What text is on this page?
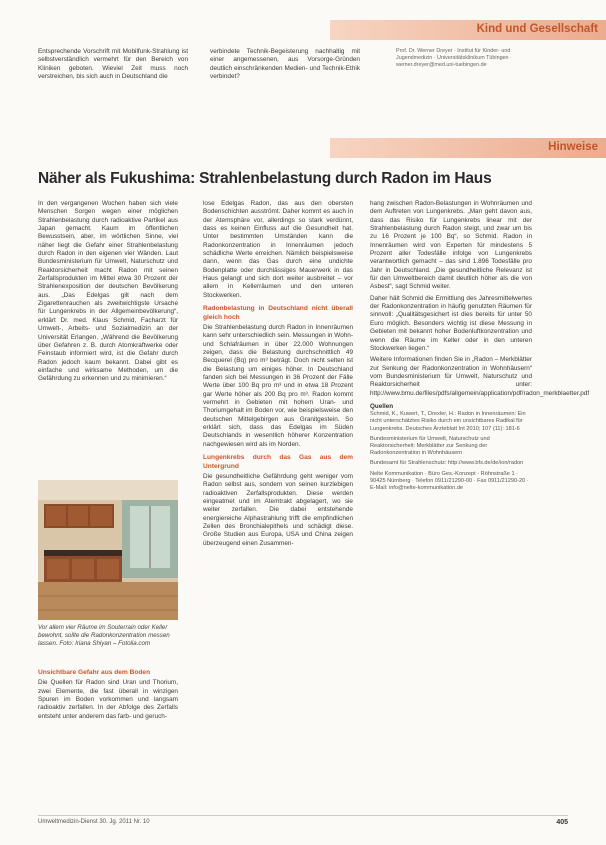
Kind und Gesellschaft
Entsprechende Vorschrift mit Mobilfunk-Strahlung ist selbstverständlich vermehrt für den Bereich von Kliniken geboten. Wieviel Zeit muss noch verstreichen, bis sich auch in Deutschland die
verbindete Technik-Begeisterung nachhaltig mit einer angemessenen, aus Vorsorge-Gründen deutlich einschränkenden Medien- und Technik-Ethik verbindet?
Prof. Dr. Werner Dreyer · Institut für Kinder- und Jugendmedizin · Universitätsklinikum Tübingen · werner.dreyer@med.uni-tuebingen.de
Hinweise
Näher als Fukushima: Strahlenbelastung durch Radon im Haus

In den vergangenen Wochen haben sich viele Menschen Sorgen wegen einer möglichen Strahlenbelastung durch radioaktive Partikel aus Japan gemacht. Kaum im öffentlichen Bewusstsein, aber, im wörtlichen Sinne, viel näher liegt die Gefahr einer Strahlenbelastung durch Radon in den eigenen vier Wänden. Laut Bundesministerium für Umwelt, Naturschutz und Reaktorsicherheit macht Radon mit seinen Zerfallsprodukten im Mittel etwa 30 Prozent der Strahlenexposition der deutschen Bevölkerung aus. „Das Edelgas gilt nach dem Zigarettenrauchen als zweitwichtigste Ursache für Lungenkrebs in der Allgemeinbevölkerung“, erklärt Dr. med. Klaus Schmid, Facharzt für Umwelt-, Arbeits- und Sozialmedizin an der Universität Erlangen. „Während die Bevölkerung über Gefahren z. B. durch Atomkraftwerke oder Feinstaub informiert wird, ist die Gefahr durch Radon jedoch kaum bekannt. Dabei gibt es einfache und wirksame Methoden, um die Gefährdung zu erkennen und zu minimieren.“

Vor allem vier Räume im Souterrain oder Keller bewohnt, sollte die Radonkonzentration messen lassen. Foto: Iriana Shiyan – Fotolia.com
Unsichtbare Gefahr aus dem Boden

Die Quellen für Radon sind Uran und Thorium, zwei Elemente, die fast überall in winzigen Spuren im Boden vorkommen und langsam radioaktiv zerfallen. In der Abfolge des Zerfalls entsteht unter anderem das farb- und geruch-

lose Edelgas Radon, das aus den obersten Bodenschichten ausströmt. Daher kommt es auch in der Atemsphäre vor, allerdings so stark verdünnt, dass es keinen Einfluss auf die Gesundheit hat. Unter bestimmten Umständen kann die Radonkonzentration in Innenräumen jedoch schädliche Werte erreichen. Nämlich beispielsweise dann, wenn das Gas durch eine undichte Bodenplatte oder durchlässiges Mauerwerk in das Haus gelangt und sich dort weiter ausbreitet – vor allem in Kellerräumen und den unteren Stockwerken.

Radonbelastung in Deutschland nicht überall gleich hoch

Die Strahlenbelastung durch Radon in Innenräumen kann sehr unterschiedlich sein. Messungen in Wohn- und Schlafräumen in über 22.000 Wohnungen zeigen, dass die Belastung durchschnittlich 49 Becquerel (Bq) pro m³ beträgt. Doch nicht selten ist die Belastung um einiges höher. In Deutschland fanden sich bei Messungen in 36 Prozent der Fälle Werte über 100 Bq pro m³ und in etwa 18 Prozent gar Werte höher als 200 Bq pro m³. Radon kommt vermehrt in Gebieten mit hohem Uran- und Thoriumgehalt im Boden vor, wie beispielsweise den deutschen Mittelgebirgen aus Granitgestein. So erklärt sich, dass das Edelgas im Süden Deutschlands in wesentlich höherer Konzentration nachgewiesen wird als im Norden.

Lungenkrebs durch das Gas aus dem Untergrund

Die gesundheitliche Gefährdung geht weniger vom Radon selbst aus, sondern von seinen kurzlebigen radioaktiven Zerfallsprodukten. Diese werden eingeatmet und im Atemtrakt abgelagert, wo sie weiter zerfallen. Die dabei entstehende energiereiche Alphastrahlung trifft die empfindlichen Zellen des Bronchialepithels und schädigt diese. Große Studien aus Europa, USA und China zeigen überzeugend einen Zusammen-

hang zwischen Radon-Belastungen in Wohnräumen und dem Auftreten von Lungenkrebs. „Man geht davon aus, dass das Risiko für Lungenkrebs linear mit der Strahlenbelastung durch Radon steigt, und zwar um bis zu 16 Prozent je 100 Bq“, so Schmid. Radon in Innenräumen wird von Experten für mindestens 5 Prozent aller Todesfälle infolge von Lungenkrebs verantwortlich gemacht – das sind 1.896 Todesfälle pro Jahr in Deutschland. „Die gesundheitliche Relevanz ist für den Umweltbereich damit deutlich höher als die von Asbest“, sagt Schmid weiter.

Daher hält Schmid die Ermittlung des Jahresmittelwertes der Radonkonzentration in häufig genutzten Räumen für sinnvoll: „Qualitätsgesichert ist dies bereits für unter 50 Euro möglich. Besonders wichtig ist diese Messung in Gebieten mit bekannt hoher Bodenluftkonzentration und wenn die Räume im Keller oder in den unteren Stockwerken liegen.“

Weitere Informationen finden Sie in „Radon – Merkblätter zur Senkung der Radonkonzentration in Wohnhäusern“ vom Bundesministerium für Umwelt, Naturschutz und Reaktorsicherheit unter: http://www.bmu.de/files/pdfs/allgemein/application/pdf/radon_merkblaetter.pdf

Quellen

Schmid, K., Kuwert, T., Drexler, H.: Radon in Innenräumen: Ein nicht unterschätztes Risiko durch ein unsichtbares Radikal für Lungenkrebs. Deutsches Ärzteblatt Int 2010; 107 (11): 181-6

Bundesministerium für Umwelt, Naturschutz und Reaktorsicherheit: Merkblätter zur Senkung der Radonkonzentration in Wohnhäusern

Bundesamt für Strahlenschutz: http://www.bfs.de/de/ion/radon

Nelte Kommunikation · Büro Ges.-Konzept · Röhnstraße 1 · 90425 Nürnberg · Telefon 0911/21290-00 · Fax 0911/21290-20 · E-Mail: info@nelte-kommunikation.de

Umweltmedizin-Dienst 30. Jg. 2011 Nr. 10	405
